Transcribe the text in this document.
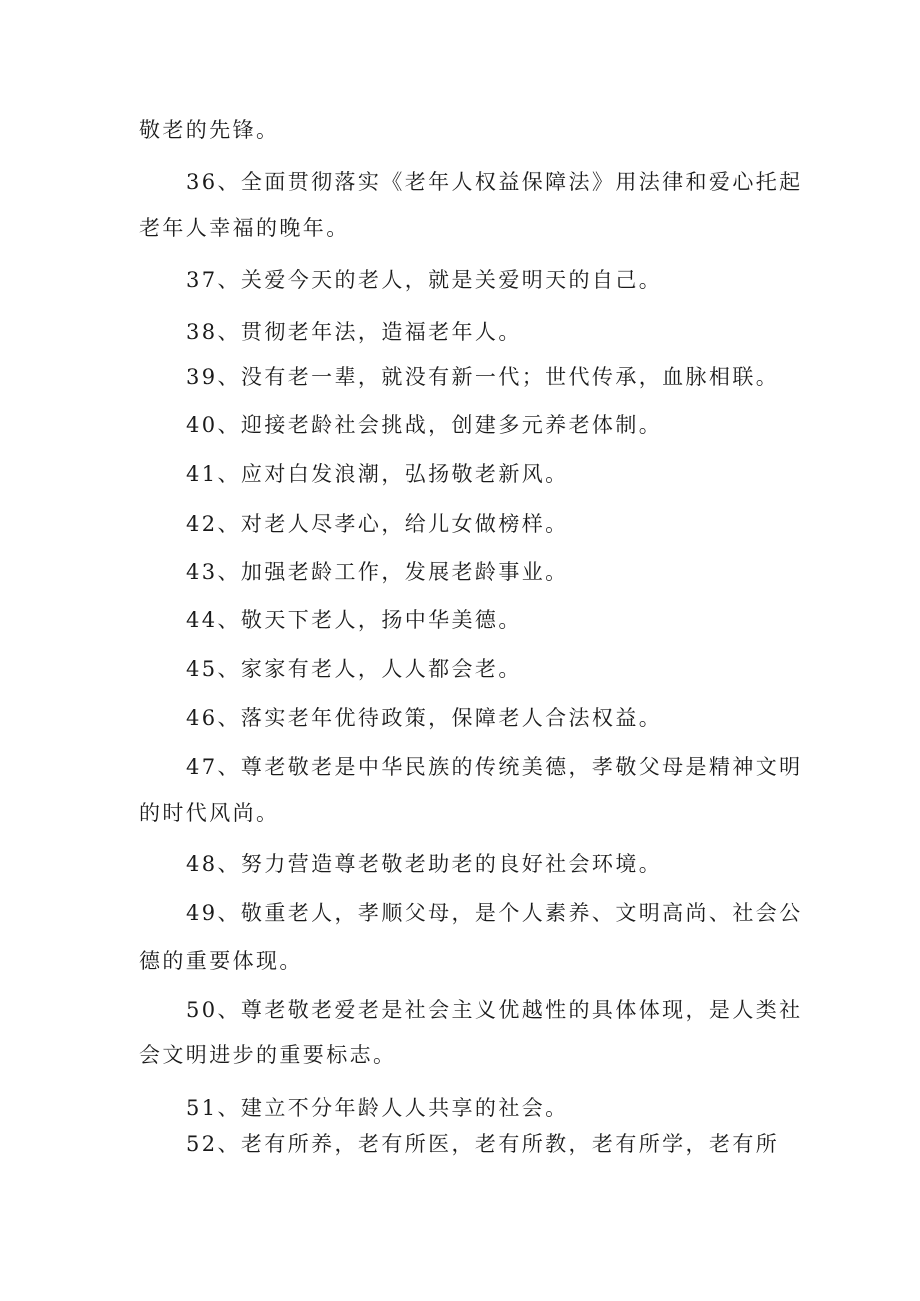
敬老的先锋。
36、全面贯彻落实《老年人权益保障法》用法律和爱心托起
老年人幸福的晚年。
37、关爱今天的老人，就是关爱明天的自己。
38、贯彻老年法，造福老年人。
39、没有老一辈，就没有新一代；世代传承，血脉相联。
40、迎接老龄社会挑战，创建多元养老体制。
41、应对白发浪潮，弘扬敬老新风。
42、对老人尽孝心，给儿女做榜样。
43、加强老龄工作，发展老龄事业。
44、敬天下老人，扬中华美德。
45、家家有老人，人人都会老。
46、落实老年优待政策，保障老人合法权益。
47、尊老敬老是中华民族的传统美德，孝敬父母是精神文明
的时代风尚。
48、努力营造尊老敬老助老的良好社会环境。
49、敬重老人，孝顺父母，是个人素养、文明高尚、社会公
德的重要体现。
50、尊老敬老爱老是社会主义优越性的具体体现，是人类社
会文明进步的重要标志。
51、建立不分年龄人人共享的社会。
52、老有所养，老有所医，老有所教，老有所学，老有所
